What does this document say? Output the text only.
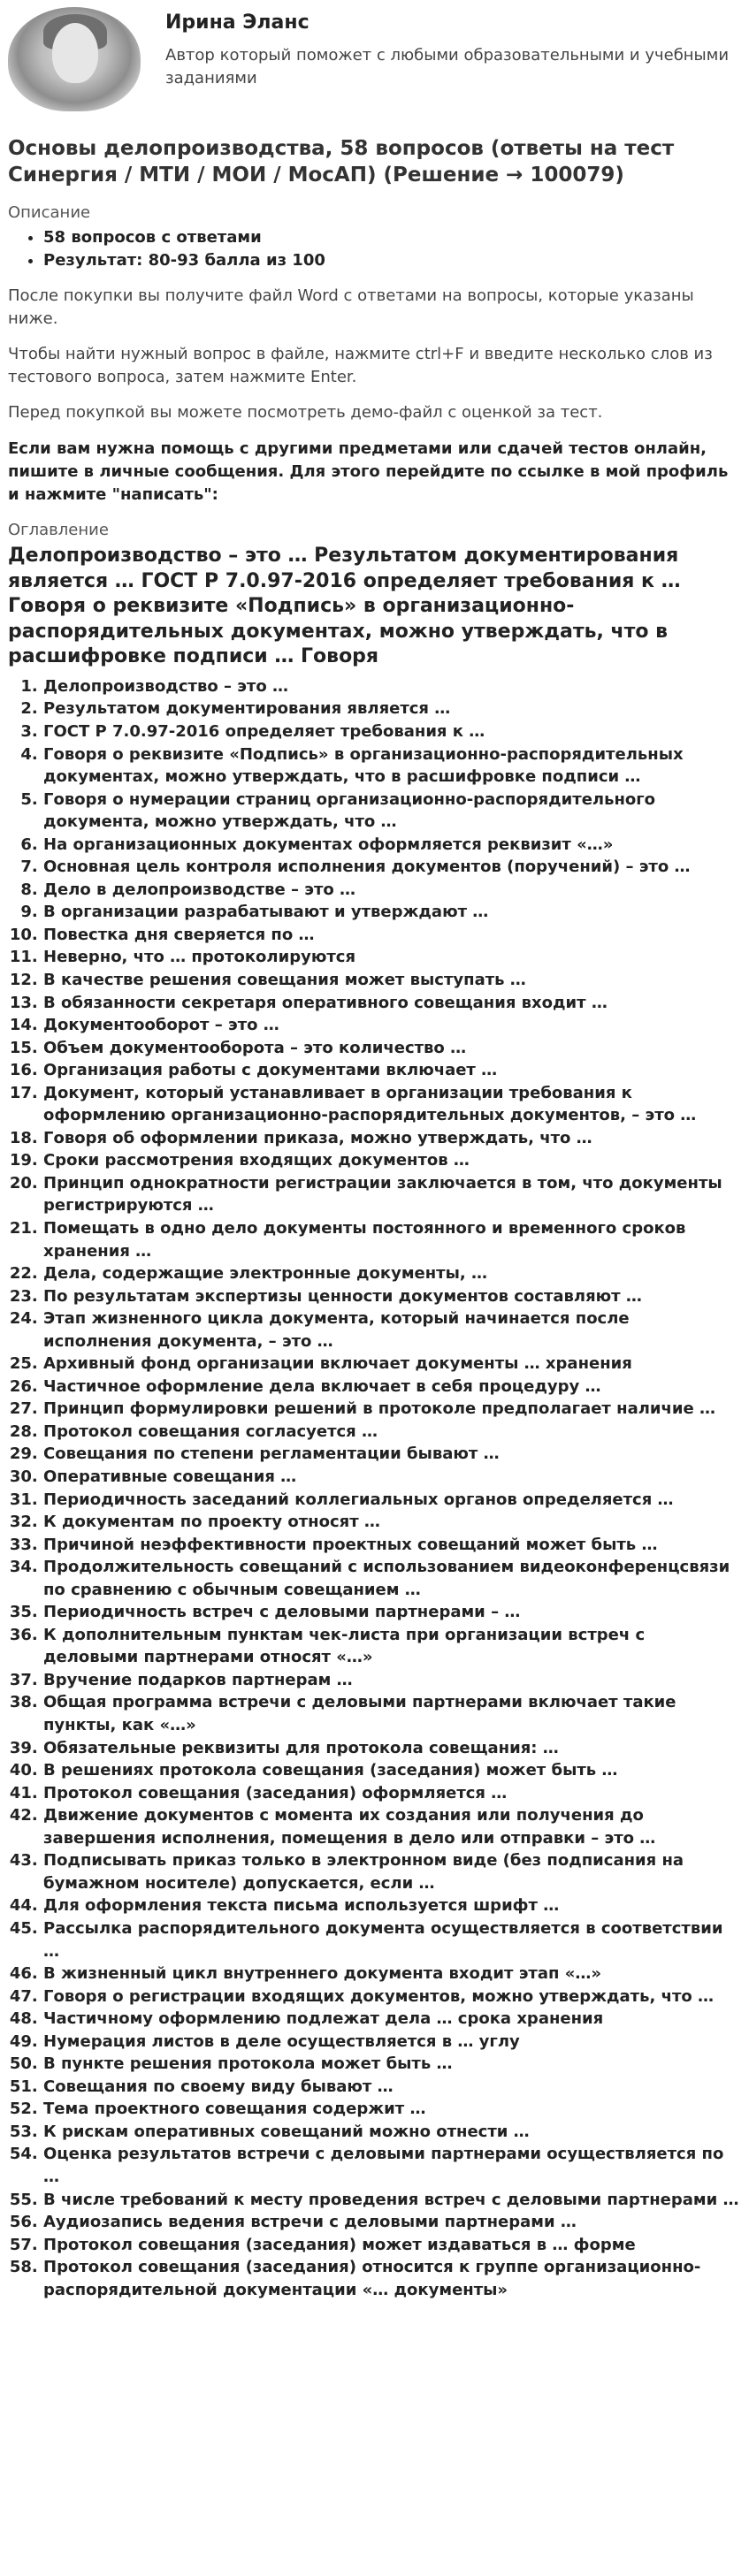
Ирина Эланс
Автор который поможет с любыми образовательными и учебными заданиями
Основы делопроизводства, 58 вопросов (ответы на тест Синергия / МТИ / МОИ / МосАП) (Решение → 100079)
Описание
• 58 вопросов с ответами
• Результат: 80-93 балла из 100

После покупки вы получите файл Word с ответами на вопросы, которые указаны ниже.

Чтобы найти нужный вопрос в файле, нажмите ctrl+F и введите несколько слов из тестового вопроса, затем нажмите Enter.

Перед покупкой вы можете посмотреть демо-файл с оценкой за тест.

Если вам нужна помощь с другими предметами или сдачей тестов онлайн, пишите в личные сообщения. Для этого перейдите по ссылке в мой профиль и нажмите "написать":

Оглавление
Делопроизводство – это … Результатом документирования является … ГОСТ Р 7.0.97-2016 определяет требования к … Говоря о реквизите «Подпись» в организационно-распорядительных документах, можно утверждать, что в расшифровке подписи … Говоря
1. Делопроизводство – это …
2. Результатом документирования является …
3. ГОСТ Р 7.0.97-2016 определяет требования к …
4. Говоря о реквизите «Подпись» в организационно-распорядительных документах, можно утверждать, что в расшифровке подписи …
5. Говоря о нумерации страниц организационно-распорядительного документа, можно утверждать, что …
6. На организационных документах оформляется реквизит «…»
7. Основная цель контроля исполнения документов (поручений) – это …
8. Дело в делопроизводстве – это …
9. В организации разрабатывают и утверждают …
10. Повестка дня сверяется по …
11. Неверно, что … протоколируются
12. В качестве решения совещания может выступать …
13. В обязанности секретаря оперативного совещания входит …
14. Документооборот – это …
15. Объем документооборота – это количество …
16. Организация работы с документами включает …
17. Документ, который устанавливает в организации требования к оформлению организационно-распорядительных документов, – это …
18. Говоря об оформлении приказа, можно утверждать, что …
19. Сроки рассмотрения входящих документов …
20. Принцип однократности регистрации заключается в том, что документы регистрируются …
21. Помещать в одно дело документы постоянного и временного сроков хранения …
22. Дела, содержащие электронные документы, …
23. По результатам экспертизы ценности документов составляют …
24. Этап жизненного цикла документа, который начинается после исполнения документа, – это …
25. Архивный фонд организации включает документы … хранения
26. Частичное оформление дела включает в себя процедуру …
27. Принцип формулировки решений в протоколе предполагает наличие …
28. Протокол совещания согласуется …
29. Совещания по степени регламентации бывают …
30. Оперативные совещания …
31. Периодичность заседаний коллегиальных органов определяется …
32. К документам по проекту относят …
33. Причиной неэффективности проектных совещаний может быть …
34. Продолжительность совещаний с использованием видеоконференцсвязи по сравнению с обычным совещанием …
35. Периодичность встреч с деловыми партнерами – …
36. К дополнительным пунктам чек-листа при организации встреч с деловыми партнерами относят «…»
37. Вручение подарков партнерам …
38. Общая программа встречи с деловыми партнерами включает такие пункты, как «…»
39. Обязательные реквизиты для протокола совещания: …
40. В решениях протокола совещания (заседания) может быть …
41. Протокол совещания (заседания) оформляется …
42. Движение документов с момента их создания или получения до завершения исполнения, помещения в дело или отправки – это …
43. Подписывать приказ только в электронном виде (без подписания на бумажном носителе) допускается, если …
44. Для оформления текста письма используется шрифт …
45. Рассылка распорядительного документа осуществляется в соответствии …
46. В жизненный цикл внутреннего документа входит этап «…»
47. Говоря о регистрации входящих документов, можно утверждать, что …
48. Частичному оформлению подлежат дела … срока хранения
49. Нумерация листов в деле осуществляется в … углу
50. В пункте решения протокола может быть …
51. Совещания по своему виду бывают …
52. Тема проектного совещания содержит …
53. К рискам оперативных совещаний можно отнести …
54. Оценка результатов встречи с деловыми партнерами осуществляется по …
55. В числе требований к месту проведения встреч с деловыми партнерами …
56. Аудиозапись ведения встречи с деловыми партнерами …
57. Протокол совещания (заседания) может издаваться в … форме
58. Протокол совещания (заседания) относится к группе организационно-распорядительной документации «… документы»
